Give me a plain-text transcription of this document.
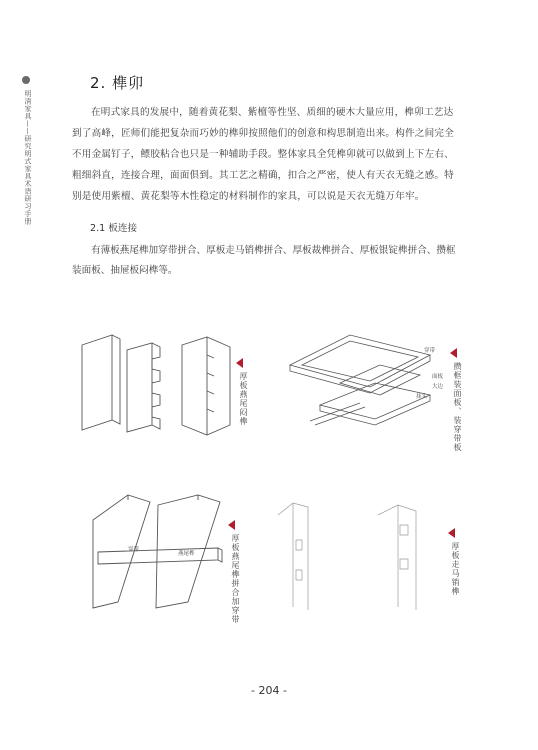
明清家具——研究明式家具术语研习手册
2. 榫卯

在明式家具的发展中，随着黄花梨、紫檀等性坚、质细的硬木大量应用，榫卯工艺达到了高峰，匠师们能把复杂而巧妙的榫卯按照他们的创意和构思制造出来。构件之间完全不用金属钉子，鳔胶粘合也只是一种辅助手段。整体家具全凭榫卯就可以做到上下左右、粗细斜直，连接合理，面面俱到。其工艺之精确，扣合之严密，使人有天衣无缝之感。特别是使用紫檀、黄花梨等木性稳定的材料制作的家具，可以说是天衣无缝万年牢。

2.1 板连接

有薄板燕尾榫加穿带拼合、厚板走马销榫拼合、厚板裁榫拼合、厚板银锭榫拼合、攒框装面板、抽屉板闷榫等。

厚板燕尾闷榫
穿带
面板
大边
抹头	攒框装面板、装穿带板
穿带
燕尾榫	厚板燕尾榫拼合加穿带	厚板走马销榫
- 204 -
